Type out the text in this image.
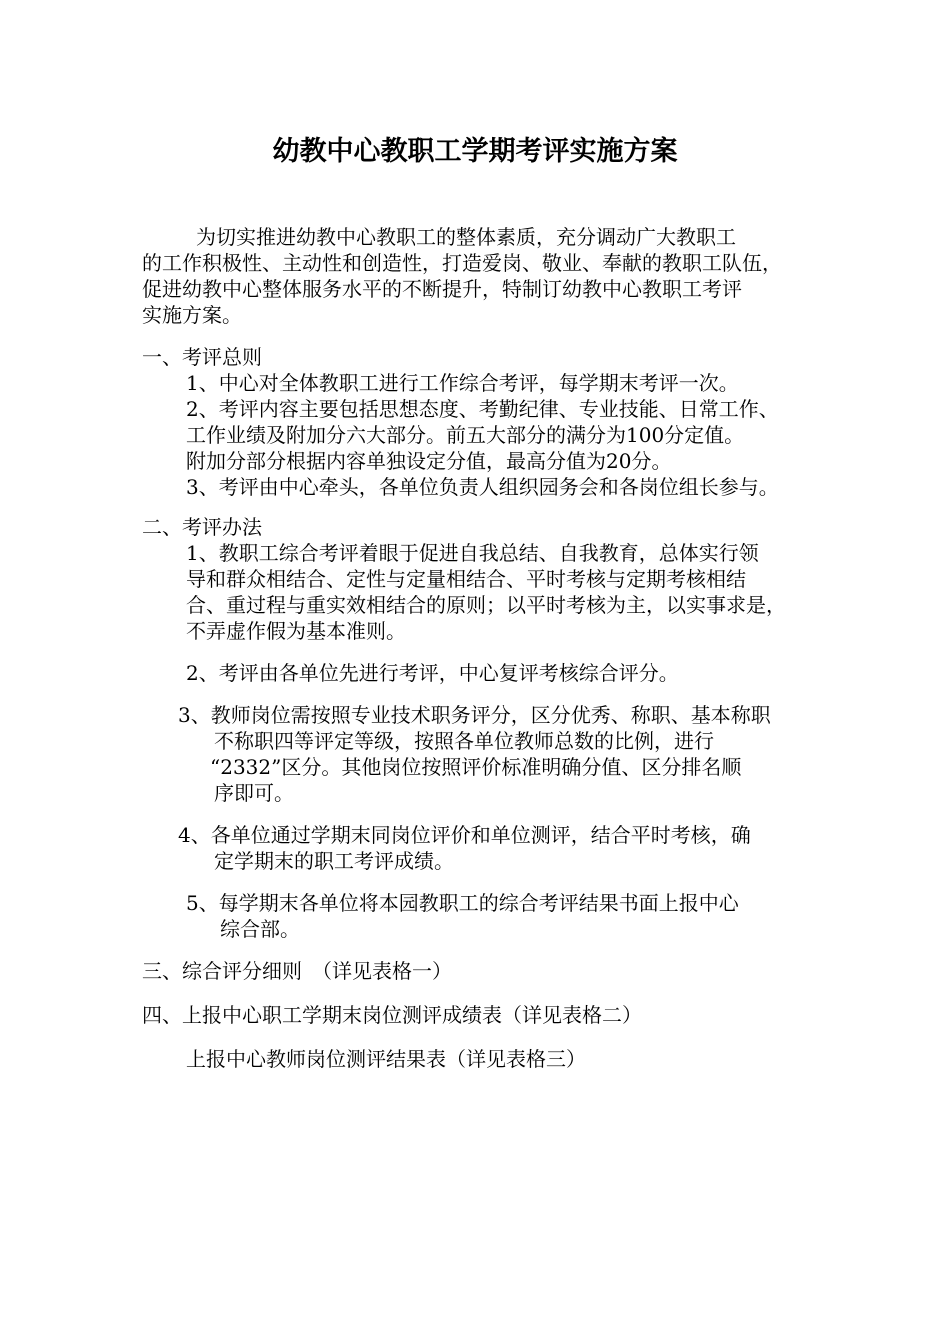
幼教中心教职工学期考评实施方案
为切实推进幼教中心教职工的整体素质，充分调动广大教职工
的工作积极性、主动性和创造性，打造爱岗、敬业、奉献的教职工队伍，
促进幼教中心整体服务水平的不断提升，特制订幼教中心教职工考评
实施方案。
一、考评总则
1、中心对全体教职工进行工作综合考评，每学期末考评一次。
2、考评内容主要包括思想态度、考勤纪律、专业技能、日常工作、
工作业绩及附加分六大部分。前五大部分的满分为100分定值。
附加分部分根据内容单独设定分值，最高分值为20分。
3、考评由中心牵头，各单位负责人组织园务会和各岗位组长参与。
二、考评办法
1、教职工综合考评着眼于促进自我总结、自我教育，总体实行领
导和群众相结合、定性与定量相结合、平时考核与定期考核相结
合、重过程与重实效相结合的原则；以平时考核为主，以实事求是，
不弄虚作假为基本准则。
2、考评由各单位先进行考评，中心复评考核综合评分。
3、教师岗位需按照专业技术职务评分，区分优秀、称职、基本称职
不称职四等评定等级，按照各单位教师总数的比例，进行
“2332”区分。其他岗位按照评价标准明确分值、区分排名顺
序即可。
4、各单位通过学期末同岗位评价和单位测评，结合平时考核，确
定学期末的职工考评成绩。
5、每学期末各单位将本园教职工的综合考评结果书面上报中心
综合部。
三、综合评分细则　（详见表格一）
四、上报中心职工学期末岗位测评成绩表（详见表格二）
上报中心教师岗位测评结果表（详见表格三）
